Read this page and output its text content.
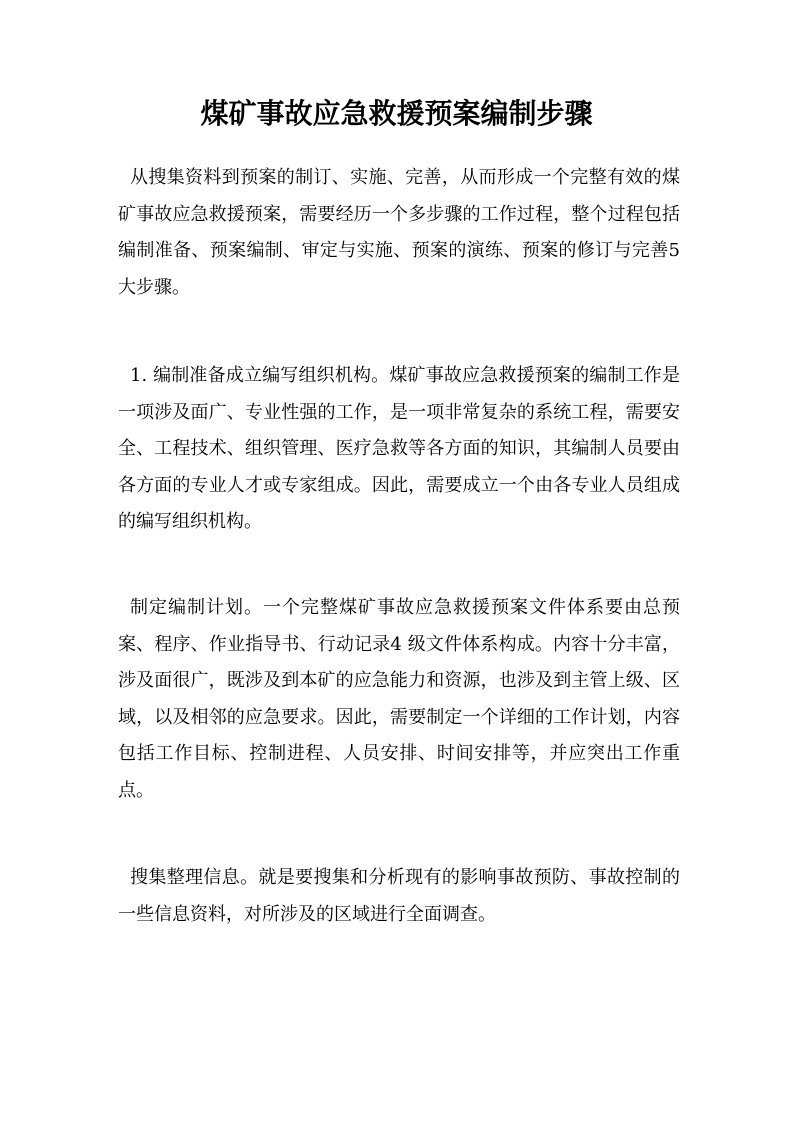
煤矿事故应急救援预案编制步骤

从搜集资料到预案的制订、实施、完善，从而形成一个完整有效的煤矿事故应急救援预案，需要经历一个多步骤的工作过程，整个过程包括编制准备、预案编制、审定与实施、预案的演练、预案的修订与完善5 大步骤。

1. 编制准备成立编写组织机构。煤矿事故应急救援预案的编制工作是一项涉及面广、专业性强的工作，是一项非常复杂的系统工程，需要安全、工程技术、组织管理、医疗急救等各方面的知识，其编制人员要由各方面的专业人才或专家组成。因此，需要成立一个由各专业人员组成的编写组织机构。

制定编制计划。一个完整煤矿事故应急救援预案文件体系要由总预案、程序、作业指导书、行动记录4 级文件体系构成。内容十分丰富，涉及面很广，既涉及到本矿的应急能力和资源，也涉及到主管上级、区域，以及相邻的应急要求。因此，需要制定一个详细的工作计划，内容包括工作目标、控制进程、人员安排、时间安排等，并应突出工作重点。

搜集整理信息。就是要搜集和分析现有的影响事故预防、事故控制的一些信息资料，对所涉及的区域进行全面调查。
